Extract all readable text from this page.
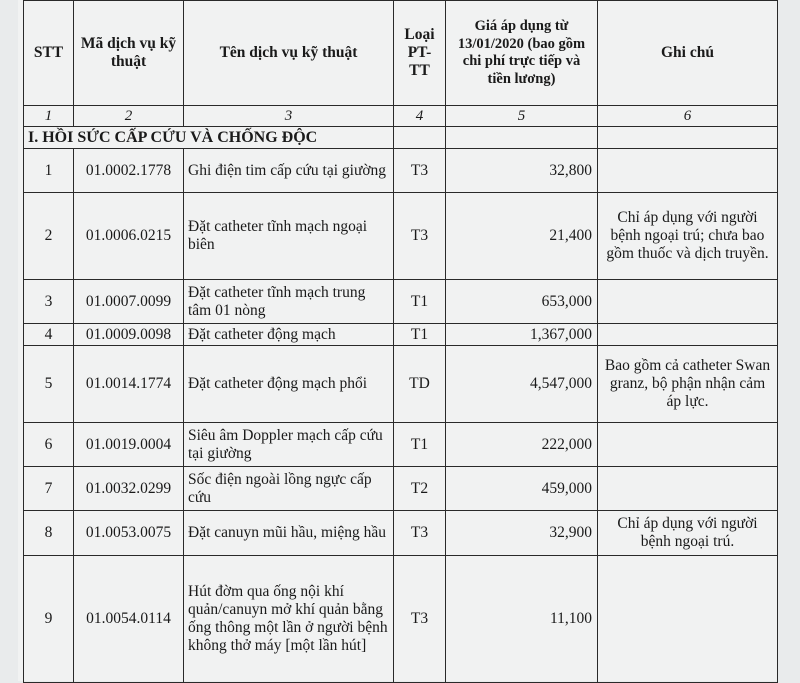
STT	Mã dịch vụ kỹ thuật	Tên dịch vụ kỹ thuật	Loại PT-TT	Giá áp dụng từ 13/01/2020 (bao gồm chi phí trực tiếp và tiền lương)	Ghi chú
1	2	3	4	5	6
I. HỒI SỨC CẤP CỨU VÀ CHỐNG ĐỘC					
1	01.0002.1778	Ghi điện tim cấp cứu tại giường	T3	32,800	
2	01.0006.0215	Đặt catheter tĩnh mạch ngoại biên	T3	21,400	Chỉ áp dụng với người bệnh ngoại trú; chưa bao gồm thuốc và dịch truyền.
3	01.0007.0099	Đặt catheter tĩnh mạch trung tâm 01 nòng	T1	653,000	
4	01.0009.0098	Đặt catheter động mạch	T1	1,367,000	
5	01.0014.1774	Đặt catheter động mạch phổi	TD	4,547,000	Bao gồm cả catheter Swan granz, bộ phận nhận cảm áp lực.
6	01.0019.0004	Siêu âm Doppler mạch cấp cứu tại giường	T1	222,000	
7	01.0032.0299	Sốc điện ngoài lồng ngực cấp cứu	T2	459,000	
8	01.0053.0075	Đặt canuyn mũi hầu, miệng hầu	T3	32,900	Chỉ áp dụng với người bệnh ngoại trú.
9	01.0054.0114	Hút đờm qua ống nội khí quản/canuyn mở khí quản bằng ống thông một lần ở người bệnh không thở máy [một lần hút]	T3	11,100	
